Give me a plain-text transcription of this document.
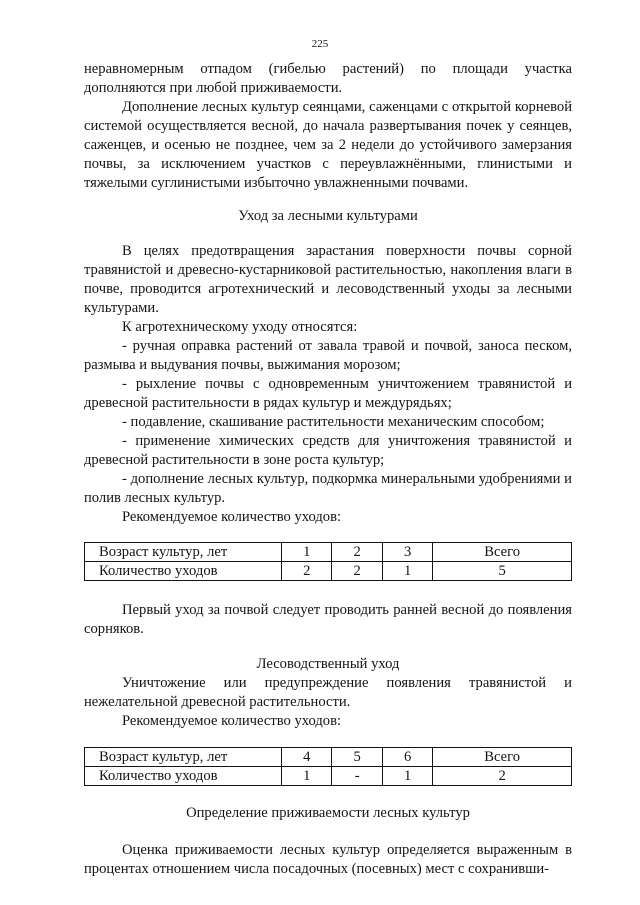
225

неравномерным отпадом (гибелью растений) по площади участка дополняются при любой приживаемости.

Дополнение лесных культур сеянцами, саженцами с открытой корневой системой осуществляется весной, до начала развертывания почек у сеянцев, саженцев, и осенью не позднее, чем за 2 недели до устойчивого замерзания почвы, за исключением участков с переувлажнёнными, глинистыми и тяжелыми суглинистыми избыточно увлажненными почвами.

Уход за лесными культурами

В целях предотвращения зарастания поверхности почвы сорной травянистой и древесно-кустарниковой растительностью, накопления влаги в почве, проводится агротехнический и лесоводственный уходы за лесными культурами.

К агротехническому уходу относятся:

- ручная оправка растений от завала травой и почвой, заноса песком, размыва и выдувания почвы, выжимания морозом;

- рыхление почвы с одновременным уничтожением травянистой и древесной растительности в рядах культур и междурядьях;

- подавление, скашивание растительности механическим способом;

- применение химических средств для уничтожения травянистой и древесной растительности в зоне роста культур;

- дополнение лесных культур, подкормка минеральными удобрениями и полив лесных культур.

Рекомендуемое количество уходов:

Возраст культур, лет	1	2	3	Всего
Количество уходов	2	2	1	5

Первый уход за почвой следует проводить ранней весной до появления сорняков.

Лесоводственный уход

Уничтожение или предупреждение появления травянистой и нежелательной древесной растительности.

Рекомендуемое количество уходов:

Возраст культур, лет	4	5	6	Всего
Количество уходов	1	-	1	2

Определение приживаемости лесных культур

Оценка приживаемости лесных культур определяется выраженным в процентах отношением числа посадочных (посевных) мест с сохранивши-
